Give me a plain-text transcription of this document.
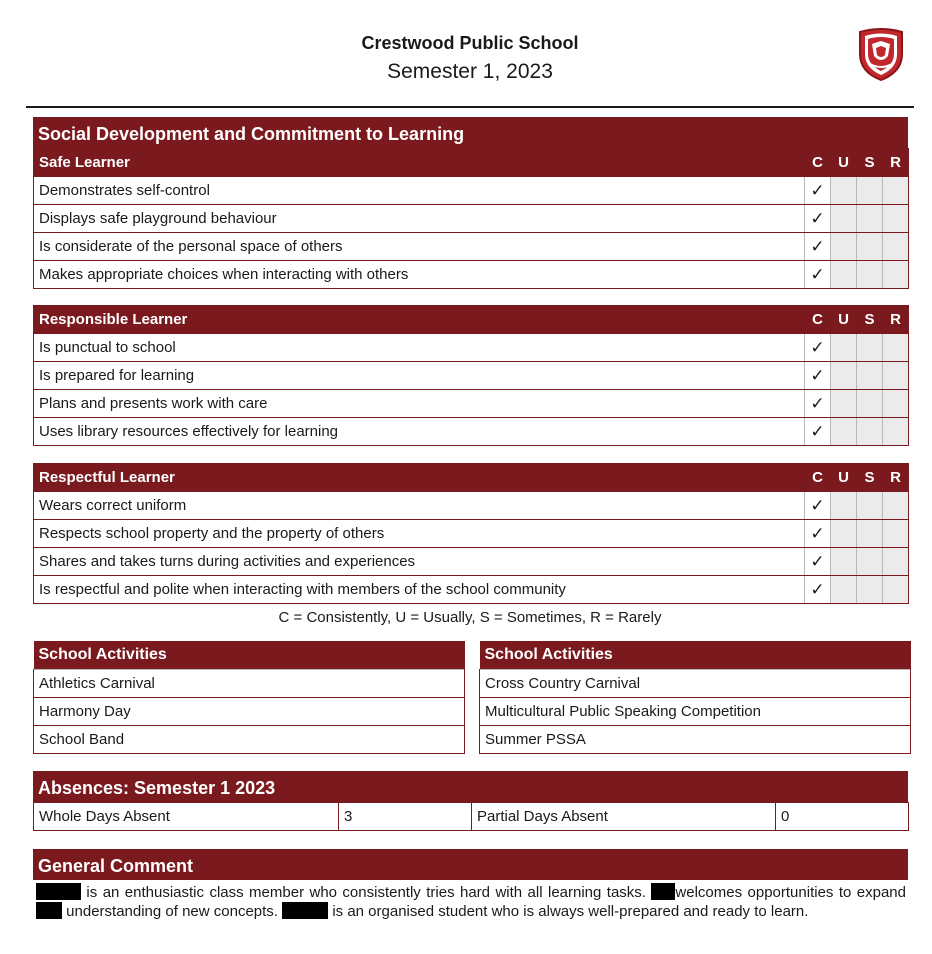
Crestwood Public School
Semester 1, 2023
Social Development and Commitment to Learning
Safe Learner	C	U	S	R
Demonstrates self-control	✓			
Displays safe playground behaviour	✓			
Is considerate of the personal space of others	✓			
Makes appropriate choices when interacting with others	✓			
Responsible Learner	C	U	S	R
Is punctual to school	✓			
Is prepared for learning	✓			
Plans and presents work with care	✓			
Uses library resources effectively for learning	✓			
Respectful Learner	C	U	S	R
Wears correct uniform	✓			
Respects school property and the property of others	✓			
Shares and takes turns during activities and experiences	✓			
Is respectful and polite when interacting with members of the school community	✓			
C = Consistently, U = Usually, S = Sometimes, R = Rarely
School Activities
Athletics Carnival
Harmony Day
School Band
School Activities
Cross Country Carnival
Multicultural Public Speaking Competition
Summer PSSA
Absences: Semester 1 2023
Whole Days Absent	3	Partial Days Absent	0
General Comment
is an enthusiastic class member who consistently tries hard with all learning tasks. welcomes opportunities to expand  understanding of new concepts.	is an organised student who is always well-prepared and ready to learn.
